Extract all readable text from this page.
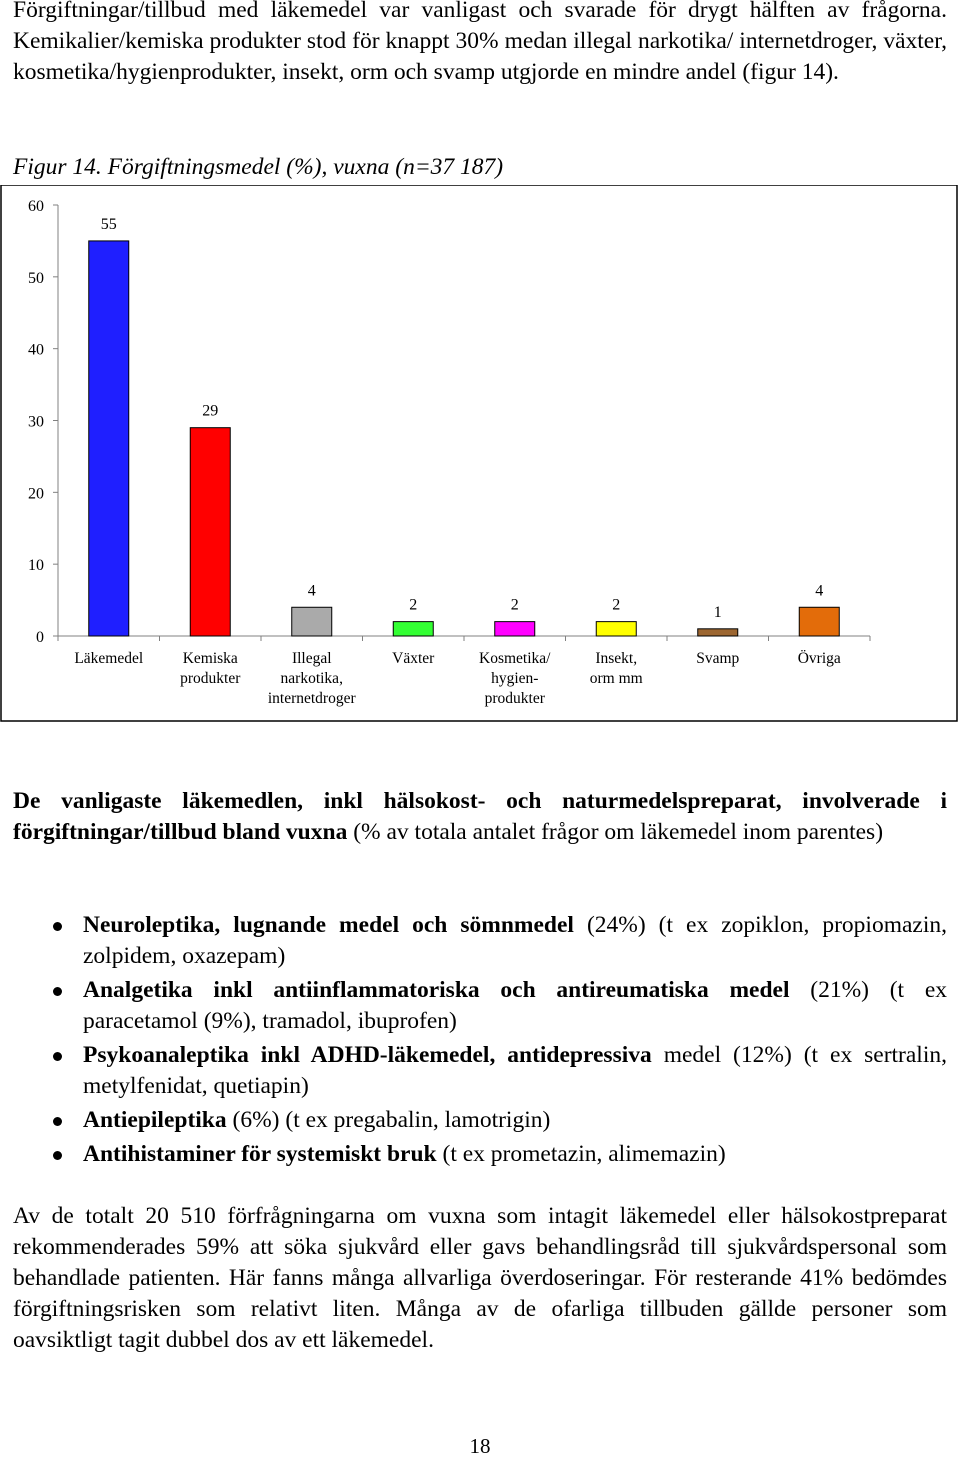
Förgiftningar/tillbud med läkemedel var vanligast och svarade för drygt hälften av frågorna. Kemikalier/kemiska produkter stod för knappt 30% medan illegal narkotika/ internetdroger, växter, kosmetika/hygienprodukter, insekt, orm och svamp utgjorde en mindre andel (figur 14).

Figur 14. Förgiftningsmedel (%), vuxna (n=37 187)

0
10
20
30
40
50
60
Läkemedel	Kemiska
produkter
Illegal
narkotika,
internetdroger
Växter	Kosmetika/
hygien-
produkter
Insekt,
orm mm
Svamp	Övriga
55
29
4
2	2	2	1
4

De vanligaste läkemedlen, inkl hälsokost- och naturmedelspreparat, involverade i förgiftningar/tillbud bland vuxna (% av totala antalet frågor om läkemedel inom parentes)

Neuroleptika, lugnande medel och sömnmedel (24%) (t ex zopiklon, propiomazin, zolpidem, oxazepam)
Analgetika inkl antiinflammatoriska och antireumatiska medel (21%) (t ex paracetamol (9%), tramadol, ibuprofen)
Psykoanaleptika inkl ADHD-läkemedel, antidepressiva medel (12%) (t ex sertralin, metylfenidat, quetiapin)
Antiepileptika (6%) (t ex pregabalin, lamotrigin)
Antihistaminer för systemiskt bruk (t ex prometazin, alimemazin)

Av de totalt 20 510 förfrågningarna om vuxna som intagit läkemedel eller hälsokostpreparat rekommenderades 59% att söka sjukvård eller gavs behandlingsråd till sjukvårdspersonal som behandlade patienten. Här fanns många allvarliga överdoseringar. För resterande 41% bedömdes förgiftningsrisken som relativt liten. Många av de ofarliga tillbuden gällde personer som oavsiktligt tagit dubbel dos av ett läkemedel.

18
